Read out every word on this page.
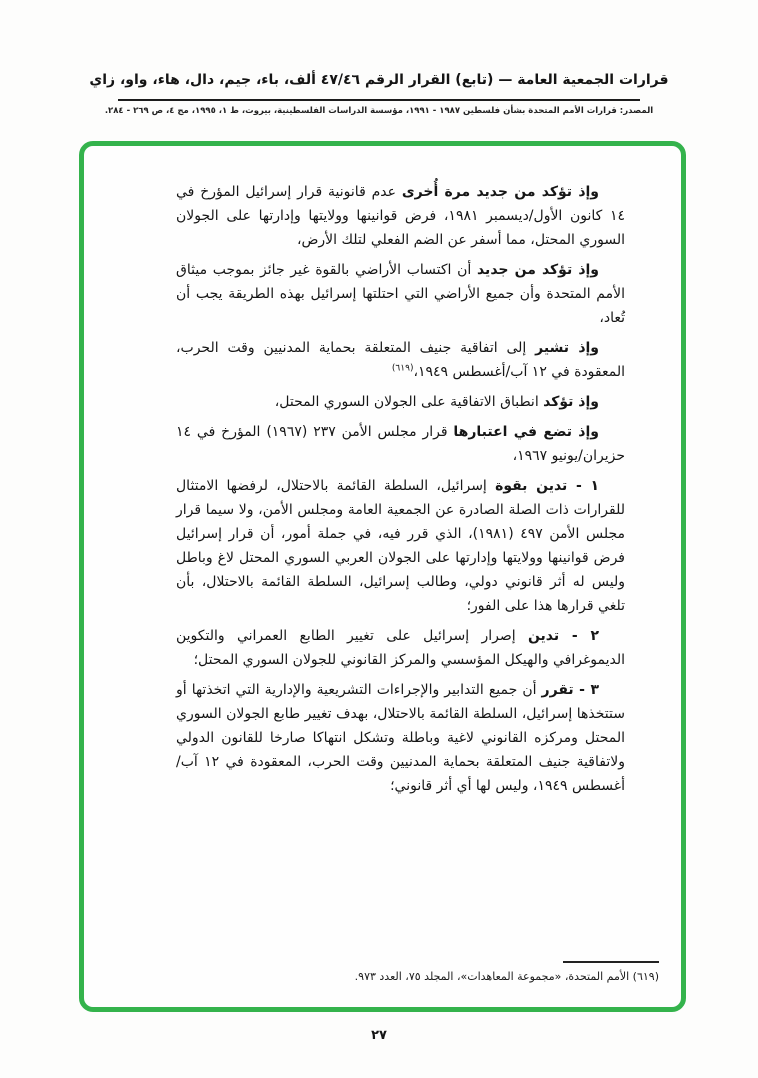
قرارات الجمعية العامة — (تابع) القرار الرقم ٤٧/٤٦ ألف، باء، جيم، دال، هاء، واو، زاي
المصدر: قرارات الأمم المتحدة بشأن فلسطين ١٩٨٧ - ١٩٩١، مؤسسة الدراسات الفلسطينية، بيروت، ط ١، ١٩٩٥، مج ٤، ص ٢٦٩ - ٢٨٤.

وإذ تؤكد من جديد مرة أُخرى عدم قانونية قرار إسرائيل المؤرخ في ١٤ كانون الأول/ديسمبر ١٩٨١، فرض قوانينها وولايتها وإدارتها على الجولان السوري المحتل، مما أسفر عن الضم الفعلي لتلك الأرض،

وإذ تؤكد من جديد أن اكتساب الأراضي بالقوة غير جائز بموجب ميثاق الأمم المتحدة وأن جميع الأراضي التي احتلتها إسرائيل بهذه الطريقة يجب أن تُعاد،

وإذ تشير إلى اتفاقية جنيف المتعلقة بحماية المدنيين وقت الحرب، المعقودة في ١٢ آب/أغسطس ١٩٤٩،$^{(٦١٩)}$

وإذ تؤكد انطباق الاتفاقية على الجولان السوري المحتل،

وإذ تضع في اعتبارها قرار مجلس الأمن ٢٣٧ (١٩٦٧) المؤرخ في ١٤ حزيران/يونيو ١٩٦٧،

١ - تدين بقوة إسرائيل، السلطة القائمة بالاحتلال، لرفضها الامتثال للقرارات ذات الصلة الصادرة عن الجمعية العامة ومجلس الأمن، ولا سيما قرار مجلس الأمن ٤٩٧ (١٩٨١)، الذي قرر فيه، في جملة أمور، أن قرار إسرائيل فرض قوانينها وولايتها وإدارتها على الجولان العربي السوري المحتل لاغ وباطل وليس له أثر قانوني دولي، وطالب إسرائيل، السلطة القائمة بالاحتلال، بأن تلغي قرارها هذا على الفور؛

٢ - تدين إصرار إسرائيل على تغيير الطابع العمراني والتكوين الديموغرافي والهيكل المؤسسي والمركز القانوني للجولان السوري المحتل؛

٣ - تقرر أن جميع التدابير والإجراءات التشريعية والإدارية التي اتخذتها أو ستتخذها إسرائيل، السلطة القائمة بالاحتلال، بهدف تغيير طابع الجولان السوري المحتل ومركزه القانوني لاغية وباطلة وتشكل انتهاكا صارخا للقانون الدولي ولاتفاقية جنيف المتعلقة بحماية المدنيين وقت الحرب، المعقودة في ١٢ آب/أغسطس ١٩٤٩، وليس لها أي أثر قانوني؛

(٦١٩) الأمم المتحدة، «مجموعة المعاهدات»، المجلد ٧٥، العدد ٩٧٣.
٢٧
